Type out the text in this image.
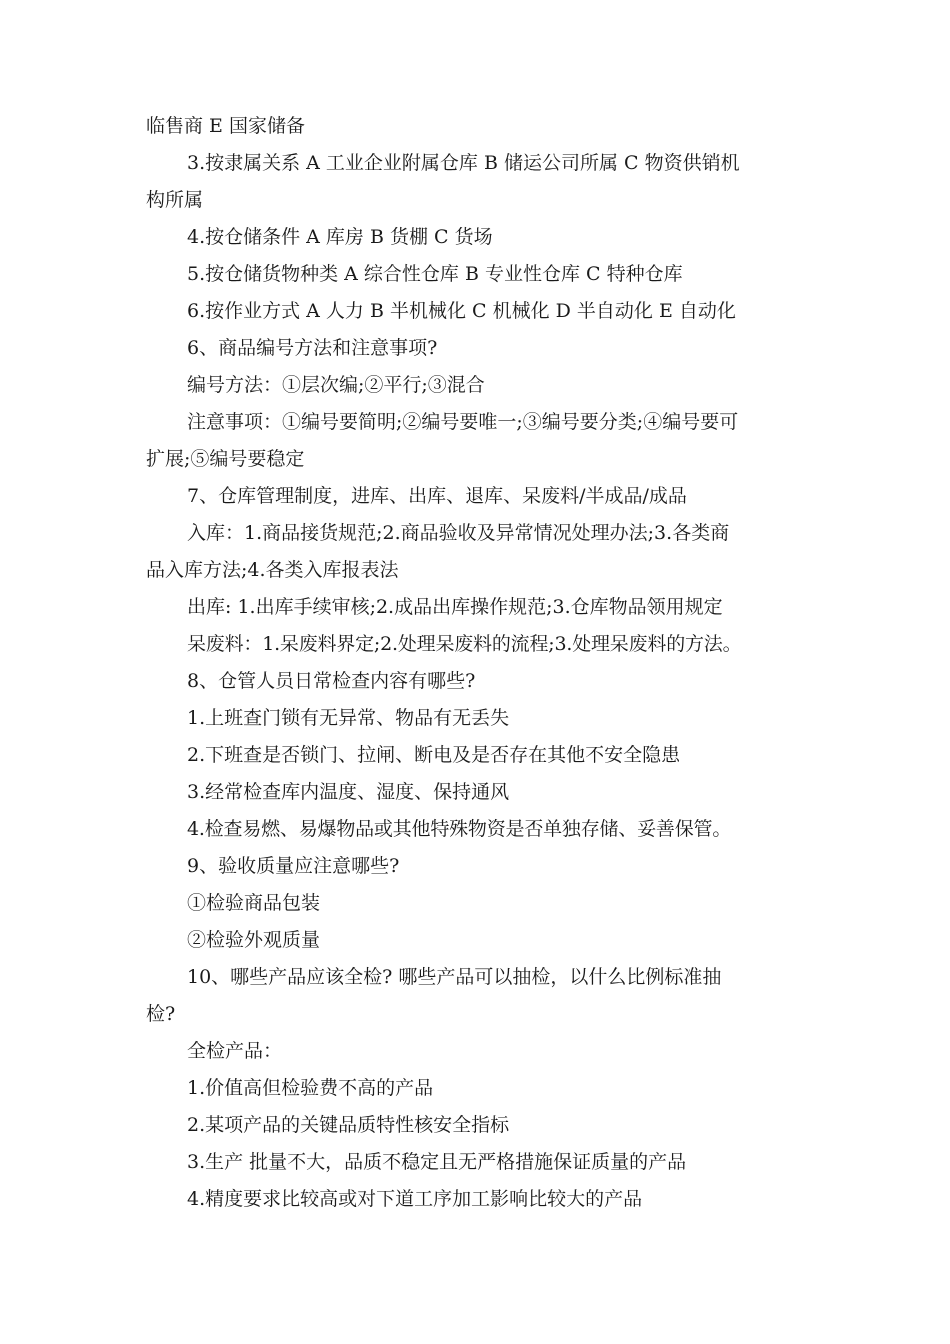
临售商 E 国家储备

3.按隶属关系 A 工业企业附属仓库 B 储运公司所属 C 物资供销机

构所属

4.按仓储条件 A 库房 B 货棚 C 货场

5.按仓储货物种类 A 综合性仓库 B 专业性仓库 C 特种仓库

6.按作业方式 A 人力 B 半机械化 C 机械化 D 半自动化 E 自动化

6、商品编号方法和注意事项?

编号方法：①层次编;②平行;③混合

注意事项：①编号要简明;②编号要唯一;③编号要分类;④编号要可

扩展;⑤编号要稳定

7、仓库管理制度，进库、出库、退库、呆废料/半成品/成品

入库：1.商品接货规范;2.商品验收及异常情况处理办法;3.各类商

品入库方法;4.各类入库报表法

出库: 1.出库手续审核;2.成品出库操作规范;3.仓库物品领用规定

呆废料：1.呆废料界定;2.处理呆废料的流程;3.处理呆废料的方法。

8、仓管人员日常检查内容有哪些?

1.上班查门锁有无异常、物品有无丢失

2.下班查是否锁门、拉闸、断电及是否存在其他不安全隐患

3.经常检查库内温度、湿度、保持通风

4.检查易燃、易爆物品或其他特殊物资是否单独存储、妥善保管。

9、验收质量应注意哪些?

①检验商品包装

②检验外观质量

10、哪些产品应该全检? 哪些产品可以抽检，以什么比例标准抽

检?

全检产品：

1.价值高但检验费不高的产品

2.某项产品的关键品质特性核安全指标

3.生产 批量不大，品质不稳定且无严格措施保证质量的产品

4.精度要求比较高或对下道工序加工影响比较大的产品
